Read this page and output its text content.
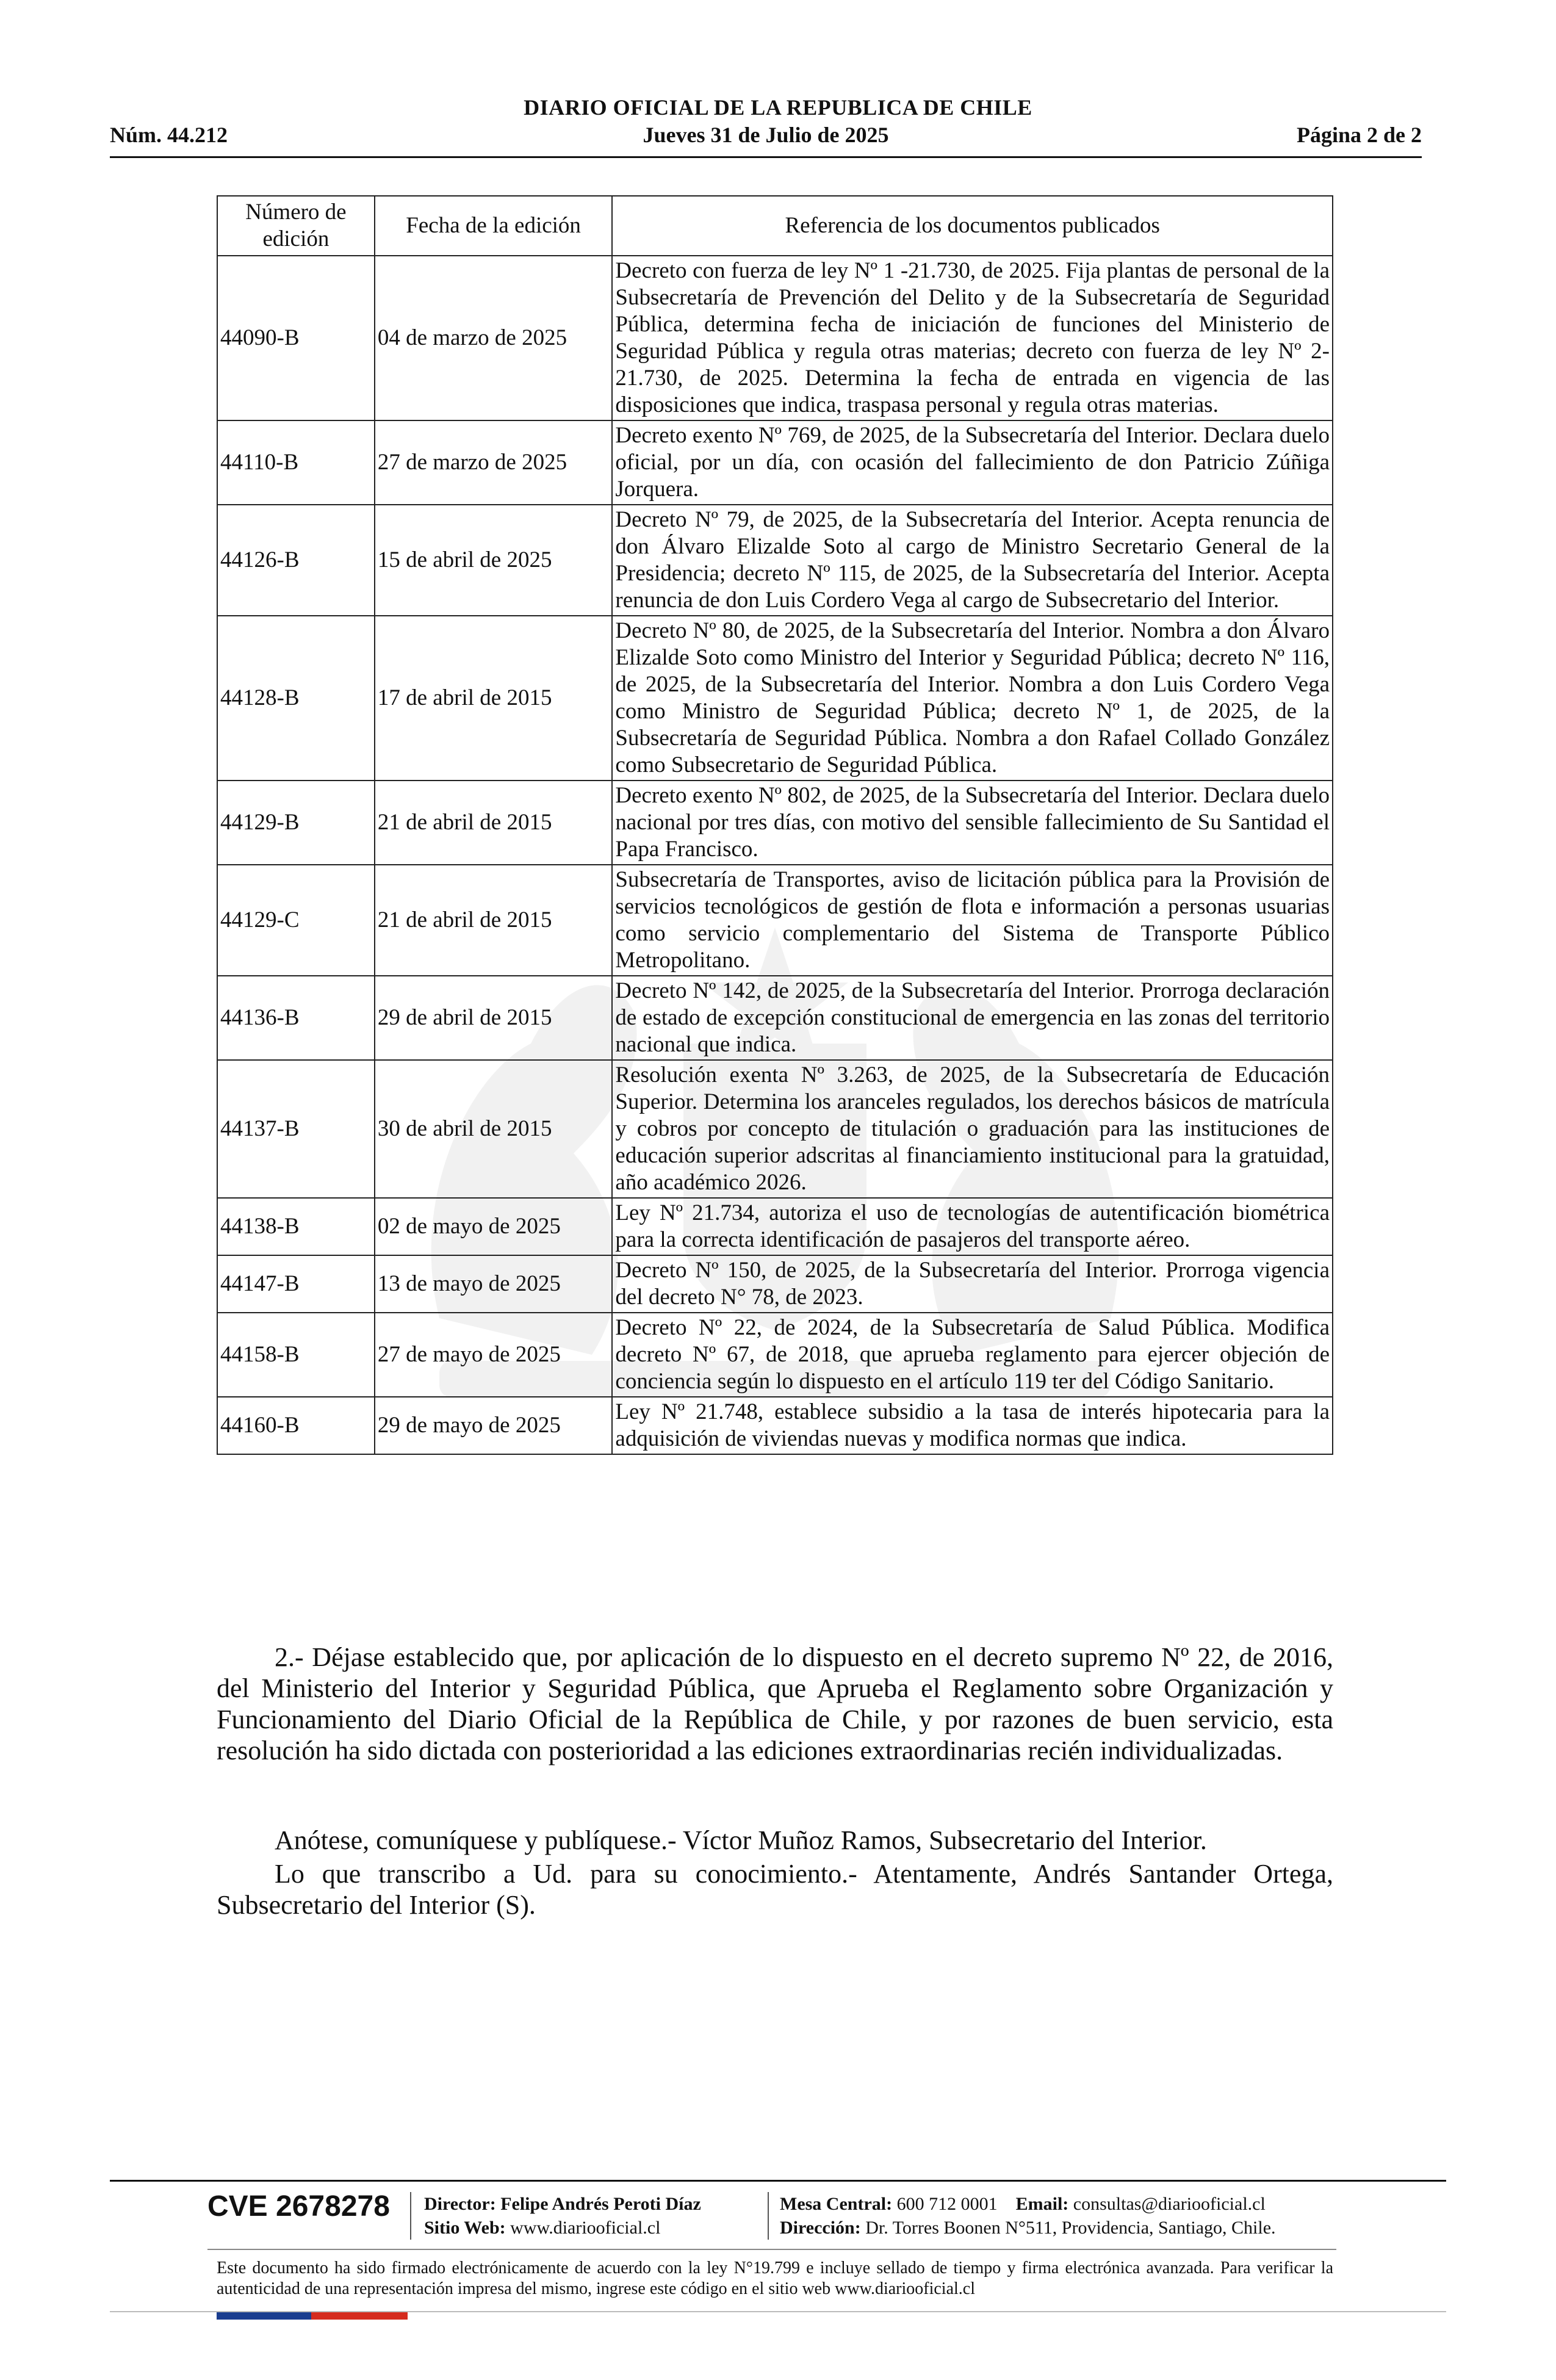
DIARIO OFICIAL DE LA REPUBLICA DE CHILE
Jueves 31 de Julio de 2025
Núm. 44.212	Página 2 de 2
Número de edición	Fecha de la edición	Referencia de los documentos publicados
44090-B	04 de marzo de 2025	Decreto con fuerza de ley Nº 1 -21.730, de 2025. Fija plantas de personal de la Subsecretaría de Prevención del Delito y de la Subsecretaría de Seguridad Pública, determina fecha de iniciación de funciones del Ministerio de Seguridad Pública y regula otras materias; decreto con fuerza de ley Nº 2-21.730, de 2025. Determina la fecha de entrada en vigencia de las disposiciones que indica, traspasa personal y regula otras materias.
44110-B	27 de marzo de 2025	Decreto exento Nº 769, de 2025, de la Subsecretaría del Interior. Declara duelo oficial, por un día, con ocasión del fallecimiento de don Patricio Zúñiga Jorquera.
44126-B	15 de abril de 2025	Decreto Nº 79, de 2025, de la Subsecretaría del Interior. Acepta renuncia de don Álvaro Elizalde Soto al cargo de Ministro Secretario General de la Presidencia; decreto Nº 115, de 2025, de la Subsecretaría del Interior. Acepta renuncia de don Luis Cordero Vega al cargo de Subsecretario del Interior.
44128-B	17 de abril de 2015	Decreto Nº 80, de 2025, de la Subsecretaría del Interior. Nombra a don Álvaro Elizalde Soto como Ministro del Interior y Seguridad Pública; decreto Nº 116, de 2025, de la Subsecretaría del Interior. Nombra a don Luis Cordero Vega como Ministro de Seguridad Pública; decreto Nº 1, de 2025, de la Subsecretaría de Seguridad Pública. Nombra a don Rafael Collado González como Subsecretario de Seguridad Pública.
44129-B	21 de abril de 2015	Decreto exento Nº 802, de 2025, de la Subsecretaría del Interior. Declara duelo nacional por tres días, con motivo del sensible fallecimiento de Su Santidad el Papa Francisco.
44129-C	21 de abril de 2015	Subsecretaría de Transportes, aviso de licitación pública para la Provisión de servicios tecnológicos de gestión de flota e información a personas usuarias como servicio complementario del Sistema de Transporte Público Metropolitano.
44136-B	29 de abril de 2015	Decreto Nº 142, de 2025, de la Subsecretaría del Interior. Prorroga declaración de estado de excepción constitucional de emergencia en las zonas del territorio nacional que indica.
44137-B	30 de abril de 2015	Resolución exenta Nº 3.263, de 2025, de la Subsecretaría de Educación Superior. Determina los aranceles regulados, los derechos básicos de matrícula y cobros por concepto de titulación o graduación para las instituciones de educación superior adscritas al financiamiento institucional para la gratuidad, año académico 2026.
44138-B	02 de mayo de 2025	Ley Nº 21.734, autoriza el uso de tecnologías de autentificación biométrica para la correcta identificación de pasajeros del transporte aéreo.
44147-B	13 de mayo de 2025	Decreto Nº 150, de 2025, de la Subsecretaría del Interior. Prorroga vigencia del decreto N° 78, de 2023.
44158-B	27 de mayo de 2025	Decreto Nº 22, de 2024, de la Subsecretaría de Salud Pública. Modifica decreto Nº 67, de 2018, que aprueba reglamento para ejercer objeción de conciencia según lo dispuesto en el artículo 119 ter del Código Sanitario.
44160-B	29 de mayo de 2025	Ley Nº 21.748, establece subsidio a la tasa de interés hipotecaria para la adquisición de viviendas nuevas y modifica normas que indica.
2.- Déjase establecido que, por aplicación de lo dispuesto en el decreto supremo Nº 22, de 2016, del Ministerio del Interior y Seguridad Pública, que Aprueba el Reglamento sobre Organización y Funcionamiento del Diario Oficial de la República de Chile, y por razones de buen servicio, esta resolución ha sido dictada con posterioridad a las ediciones extraordinarias recién individualizadas.
Anótese, comuníquese y publíquese.- Víctor Muñoz Ramos, Subsecretario del Interior.
Lo que transcribo a Ud. para su conocimiento.- Atentamente, Andrés Santander Ortega, Subsecretario del Interior (S).
CVE 2678278 Director: Felipe Andrés Peroti Díaz
Sitio Web: www.diariooficial.cl
Mesa Central: 600 712 0001 Email: consultas@diariooficial.cl
Dirección: Dr. Torres Boonen N°511, Providencia, Santiago, Chile.
Este documento ha sido firmado electrónicamente de acuerdo con la ley N°19.799 e incluye sellado de tiempo y firma electrónica avanzada. Para verificar la autenticidad de una representación impresa del mismo, ingrese este código en el sitio web www.diariooficial.cl
